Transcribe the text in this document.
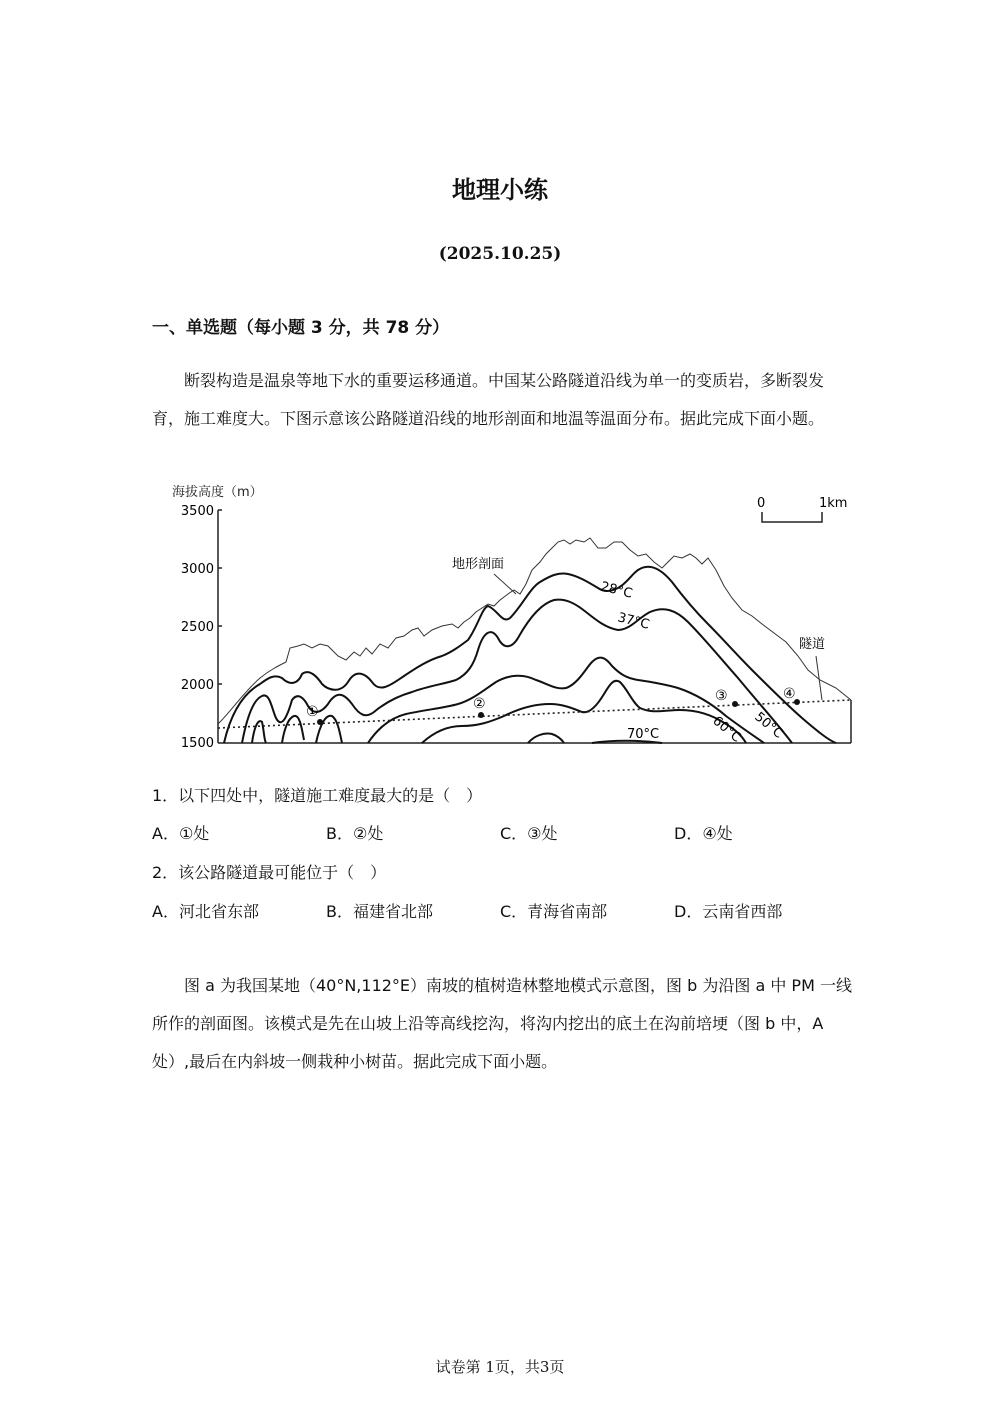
地理小练
(2025.10.25)
一、单选题（每小题 3 分，共 78 分）
断裂构造是温泉等地下水的重要运移通道。中国某公路隧道沿线为单一的变质岩，多断裂发育，施工难度大。下图示意该公路隧道沿线的地形剖面和地温等温面分布。据此完成下面小题。
海拔高度（m）
3500
3000
2500
2000
1500
0	1km
①	②	③	④
28°C
37°C
60°C 50°C
70°C
地形剖面
隧道
1．以下四处中，隧道施工难度最大的是（　）
A．①处	B．②处	C．③处	D．④处
2．该公路隧道最可能位于（　）
A．河北省东部	B．福建省北部	C．青海省南部	D．云南省西部
图 a 为我国某地（40°N,112°E）南坡的植树造林整地模式示意图，图 b 为沿图 a 中 PM 一线所作的剖面图。该模式是先在山坡上沿等高线挖沟，将沟内挖出的底土在沟前培埂（图 b 中，A 处）,最后在内斜坡一侧栽种小树苗。据此完成下面小题。
试卷第 1页，共3页
